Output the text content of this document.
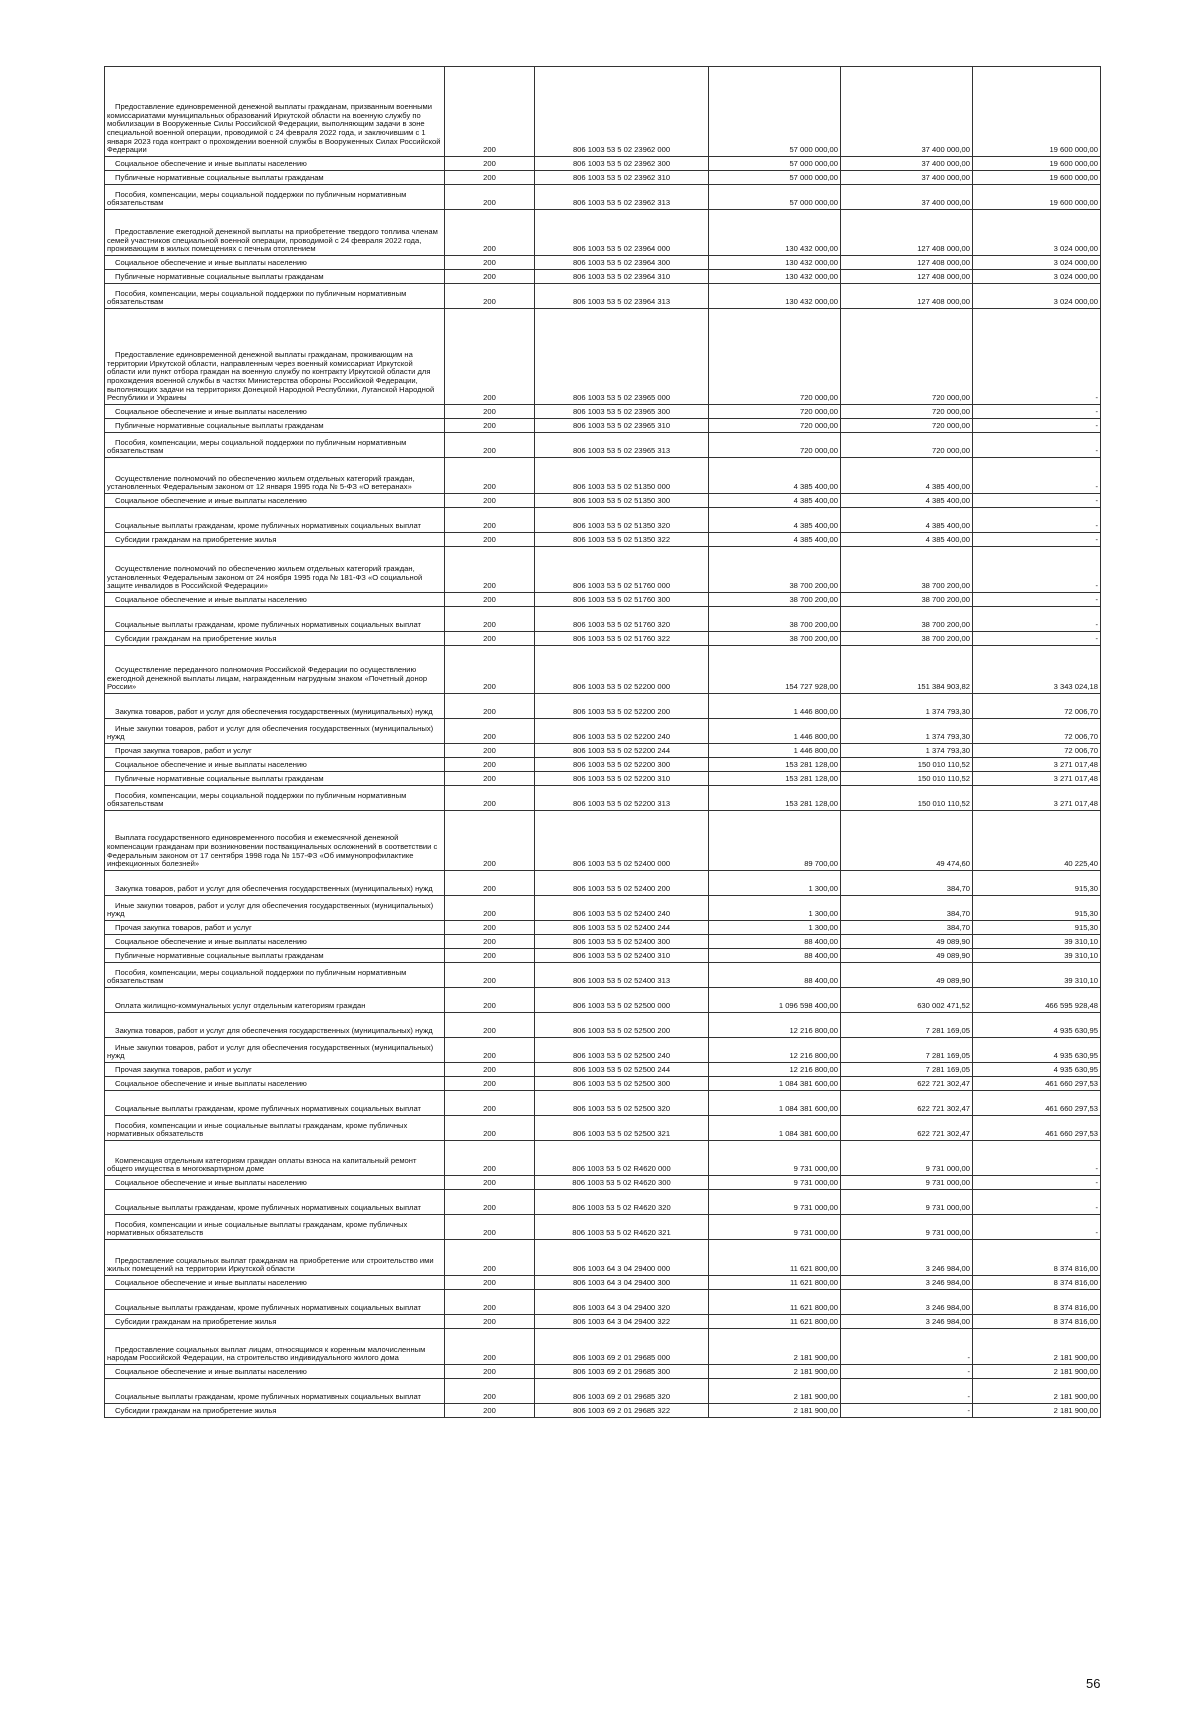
Предоставление единовременной денежной выплаты гражданам, призванным военными комиссариатами муниципальных образований Иркутской области на военную службу по мобилизации в Вооруженные Силы Российской Федерации, выполняющим задачи в зоне специальной военной операции, проводимой с 24 февраля 2022 года, и заключившим с 1 января 2023 года контракт о прохождении военной службы в Вооруженных Силах Российской Федерации	200	806 1003 53 5 02 23962 000	57 000 000,00	37 400 000,00	19 600 000,00
Социальное обеспечение и иные выплаты населению	200	806 1003 53 5 02 23962 300	57 000 000,00	37 400 000,00	19 600 000,00
Публичные нормативные социальные выплаты гражданам	200	806 1003 53 5 02 23962 310	57 000 000,00	37 400 000,00	19 600 000,00
Пособия, компенсации, меры социальной поддержки по публичным нормативным обязательствам	200	806 1003 53 5 02 23962 313	57 000 000,00	37 400 000,00	19 600 000,00
Предоставление ежегодной денежной выплаты на приобретение твердого топлива членам семей участников специальной военной операции, проводимой с 24 февраля 2022 года, проживающим в жилых помещениях с печным отоплением	200	806 1003 53 5 02 23964 000	130 432 000,00	127 408 000,00	3 024 000,00
Социальное обеспечение и иные выплаты населению	200	806 1003 53 5 02 23964 300	130 432 000,00	127 408 000,00	3 024 000,00
Публичные нормативные социальные выплаты гражданам	200	806 1003 53 5 02 23964 310	130 432 000,00	127 408 000,00	3 024 000,00
Пособия, компенсации, меры социальной поддержки по публичным нормативным обязательствам	200	806 1003 53 5 02 23964 313	130 432 000,00	127 408 000,00	3 024 000,00
Предоставление единовременной денежной выплаты гражданам, проживающим на территории Иркутской области, направленным через военный комиссариат Иркутской области или пункт отбора граждан на военную службу по контракту Иркутской области для прохождения военной службы в частях Министерства обороны Российской Федерации, выполняющих задачи на территориях Донецкой Народной Республики, Луганской Народной Республики и Украины	200	806 1003 53 5 02 23965 000	720 000,00	720 000,00	-
Социальное обеспечение и иные выплаты населению	200	806 1003 53 5 02 23965 300	720 000,00	720 000,00	-
Публичные нормативные социальные выплаты гражданам	200	806 1003 53 5 02 23965 310	720 000,00	720 000,00	-
Пособия, компенсации, меры социальной поддержки по публичным нормативным обязательствам	200	806 1003 53 5 02 23965 313	720 000,00	720 000,00	-
Осуществление полномочий по обеспечению жильем отдельных категорий граждан, установленных Федеральным законом от 12 января 1995 года № 5-ФЗ «О ветеранах»	200	806 1003 53 5 02 51350 000	4 385 400,00	4 385 400,00	-
Социальное обеспечение и иные выплаты населению	200	806 1003 53 5 02 51350 300	4 385 400,00	4 385 400,00	-
Социальные выплаты гражданам, кроме публичных нормативных социальных выплат	200	806 1003 53 5 02 51350 320	4 385 400,00	4 385 400,00	-
Субсидии гражданам на приобретение жилья	200	806 1003 53 5 02 51350 322	4 385 400,00	4 385 400,00	-
Осуществление полномочий по обеспечению жильем отдельных категорий граждан, установленных Федеральным законом от 24 ноября 1995 года № 181-ФЗ «О социальной защите инвалидов в Российской Федерации»	200	806 1003 53 5 02 51760 000	38 700 200,00	38 700 200,00	-
Социальное обеспечение и иные выплаты населению	200	806 1003 53 5 02 51760 300	38 700 200,00	38 700 200,00	-
Социальные выплаты гражданам, кроме публичных нормативных социальных выплат	200	806 1003 53 5 02 51760 320	38 700 200,00	38 700 200,00	-
Субсидии гражданам на приобретение жилья	200	806 1003 53 5 02 51760 322	38 700 200,00	38 700 200,00	-
Осуществление переданного полномочия Российской Федерации по осуществлению ежегодной денежной выплаты лицам, награжденным нагрудным знаком «Почетный донор России»	200	806 1003 53 5 02 52200 000	154 727 928,00	151 384 903,82	3 343 024,18
Закупка товаров, работ и услуг для обеспечения государственных (муниципальных) нужд	200	806 1003 53 5 02 52200 200	1 446 800,00	1 374 793,30	72 006,70
Иные закупки товаров, работ и услуг для обеспечения государственных (муниципальных) нужд	200	806 1003 53 5 02 52200 240	1 446 800,00	1 374 793,30	72 006,70
Прочая закупка товаров, работ и услуг	200	806 1003 53 5 02 52200 244	1 446 800,00	1 374 793,30	72 006,70
Социальное обеспечение и иные выплаты населению	200	806 1003 53 5 02 52200 300	153 281 128,00	150 010 110,52	3 271 017,48
Публичные нормативные социальные выплаты гражданам	200	806 1003 53 5 02 52200 310	153 281 128,00	150 010 110,52	3 271 017,48
Пособия, компенсации, меры социальной поддержки по публичным нормативным обязательствам	200	806 1003 53 5 02 52200 313	153 281 128,00	150 010 110,52	3 271 017,48
Выплата государственного единовременного пособия и ежемесячной денежной компенсации гражданам при возникновении поствакцинальных осложнений в соответствии с Федеральным законом от 17 сентября 1998 года № 157-ФЗ «Об иммунопрофилактике инфекционных болезней»	200	806 1003 53 5 02 52400 000	89 700,00	49 474,60	40 225,40
Закупка товаров, работ и услуг для обеспечения государственных (муниципальных) нужд	200	806 1003 53 5 02 52400 200	1 300,00	384,70	915,30
Иные закупки товаров, работ и услуг для обеспечения государственных (муниципальных) нужд	200	806 1003 53 5 02 52400 240	1 300,00	384,70	915,30
Прочая закупка товаров, работ и услуг	200	806 1003 53 5 02 52400 244	1 300,00	384,70	915,30
Социальное обеспечение и иные выплаты населению	200	806 1003 53 5 02 52400 300	88 400,00	49 089,90	39 310,10
Публичные нормативные социальные выплаты гражданам	200	806 1003 53 5 02 52400 310	88 400,00	49 089,90	39 310,10
Пособия, компенсации, меры социальной поддержки по публичным нормативным обязательствам	200	806 1003 53 5 02 52400 313	88 400,00	49 089,90	39 310,10
Оплата жилищно-коммунальных услуг отдельным категориям граждан	200	806 1003 53 5 02 52500 000	1 096 598 400,00	630 002 471,52	466 595 928,48
Закупка товаров, работ и услуг для обеспечения государственных (муниципальных) нужд	200	806 1003 53 5 02 52500 200	12 216 800,00	7 281 169,05	4 935 630,95
Иные закупки товаров, работ и услуг для обеспечения государственных (муниципальных) нужд	200	806 1003 53 5 02 52500 240	12 216 800,00	7 281 169,05	4 935 630,95
Прочая закупка товаров, работ и услуг	200	806 1003 53 5 02 52500 244	12 216 800,00	7 281 169,05	4 935 630,95
Социальное обеспечение и иные выплаты населению	200	806 1003 53 5 02 52500 300	1 084 381 600,00	622 721 302,47	461 660 297,53
Социальные выплаты гражданам, кроме публичных нормативных социальных выплат	200	806 1003 53 5 02 52500 320	1 084 381 600,00	622 721 302,47	461 660 297,53
Пособия, компенсации и иные социальные выплаты гражданам, кроме публичных нормативных обязательств	200	806 1003 53 5 02 52500 321	1 084 381 600,00	622 721 302,47	461 660 297,53
Компенсация отдельным категориям граждан оплаты взноса на капитальный ремонт общего имущества в многоквартирном доме	200	806 1003 53 5 02 R4620 000	9 731 000,00	9 731 000,00	-
Социальное обеспечение и иные выплаты населению	200	806 1003 53 5 02 R4620 300	9 731 000,00	9 731 000,00	-
Социальные выплаты гражданам, кроме публичных нормативных социальных выплат	200	806 1003 53 5 02 R4620 320	9 731 000,00	9 731 000,00	-
Пособия, компенсации и иные социальные выплаты гражданам, кроме публичных нормативных обязательств	200	806 1003 53 5 02 R4620 321	9 731 000,00	9 731 000,00	-
Предоставление социальных выплат гражданам на приобретение или строительство ими жилых помещений на территории Иркутской области	200	806 1003 64 3 04 29400 000	11 621 800,00	3 246 984,00	8 374 816,00
Социальное обеспечение и иные выплаты населению	200	806 1003 64 3 04 29400 300	11 621 800,00	3 246 984,00	8 374 816,00
Социальные выплаты гражданам, кроме публичных нормативных социальных выплат	200	806 1003 64 3 04 29400 320	11 621 800,00	3 246 984,00	8 374 816,00
Субсидии гражданам на приобретение жилья	200	806 1003 64 3 04 29400 322	11 621 800,00	3 246 984,00	8 374 816,00
Предоставление социальных выплат лицам, относящимся к коренным малочисленным народам Российской Федерации, на строительство индивидуального жилого дома	200	806 1003 69 2 01 29685 000	2 181 900,00	-	2 181 900,00
Социальное обеспечение и иные выплаты населению	200	806 1003 69 2 01 29685 300	2 181 900,00	-	2 181 900,00
Социальные выплаты гражданам, кроме публичных нормативных социальных выплат	200	806 1003 69 2 01 29685 320	2 181 900,00	-	2 181 900,00
Субсидии гражданам на приобретение жилья	200	806 1003 69 2 01 29685 322	2 181 900,00	-	2 181 900,00
56
